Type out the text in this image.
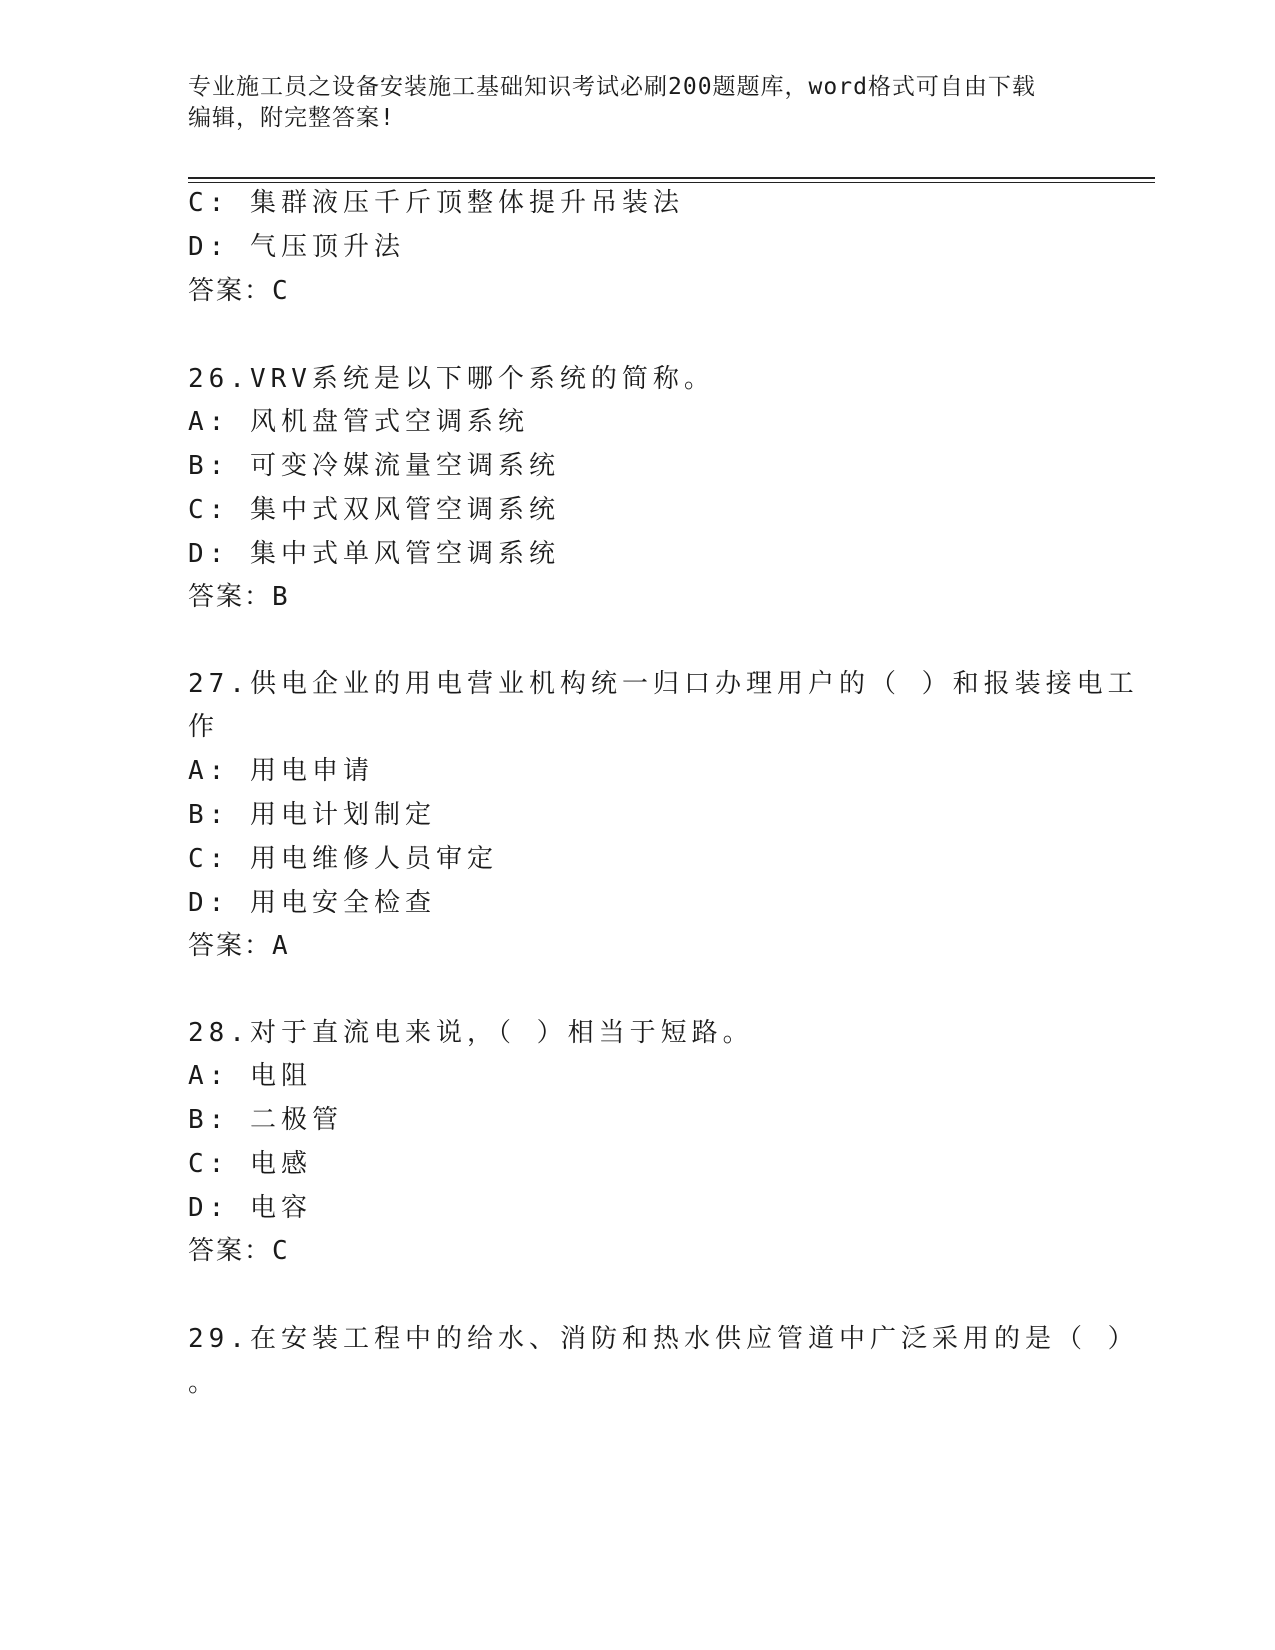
专业施工员之设备安装施工基础知识考试必刷200题题库，word格式可自由下载
编辑，附完整答案!
C: 集群液压千斤顶整体提升吊装法
D: 气压顶升法
答案：C
26.VRV系统是以下哪个系统的简称。
A: 风机盘管式空调系统
B: 可变冷媒流量空调系统
C: 集中式双风管空调系统
D: 集中式单风管空调系统
答案：B
27.供电企业的用电营业机构统一归口办理用户的（ ）和报装接电工
作
A: 用电申请
B: 用电计划制定
C: 用电维修人员审定
D: 用电安全检查
答案：A
28.对于直流电来说，（ ）相当于短路。
A: 电阻
B: 二极管
C: 电感
D: 电容
答案：C
29.在安装工程中的给水、消防和热水供应管道中广泛采用的是（ ）
。
